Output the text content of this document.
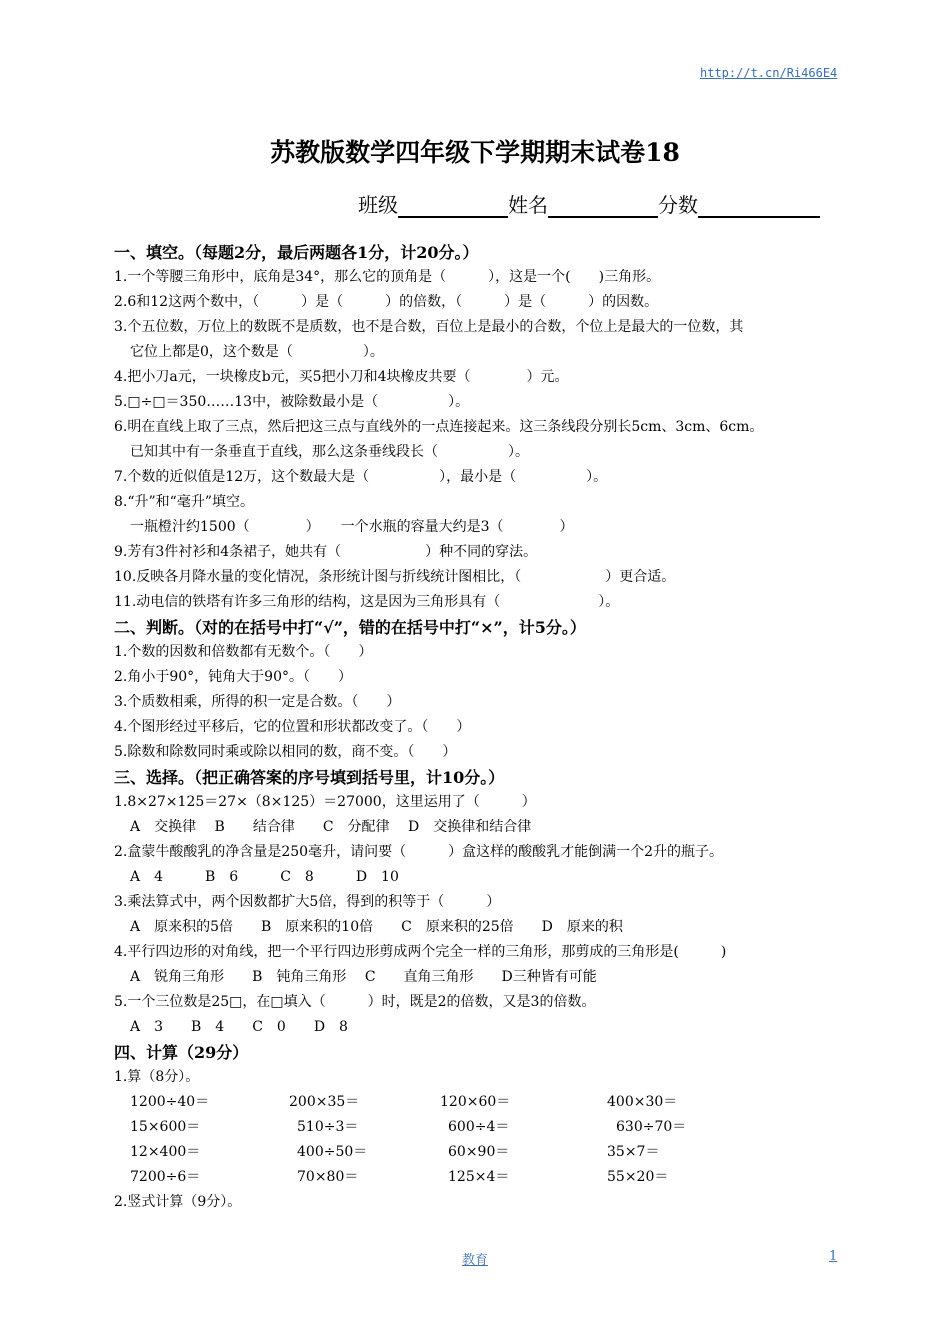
http://t.cn/Ri466E4
苏教版数学四年级下学期期末试卷18
班级	姓名	分数
一、填空。（每题2分，最后两题各1分，计20分。）
1.一个等腰三角形中，底角是34°，那么它的顶角是（　　　），这是一个(　　)三角形。
2.6和12这两个数中，（　　　）是（　　　）的倍数，（　　　）是（　　　）的因数。
3.个五位数，万位上的数既不是质数，也不是合数，百位上是最小的合数，个位上是最大的一位数，其
它位上都是0，这个数是（　　　　　）。
4.把小刀a元，一块橡皮b元，买5把小刀和4块橡皮共要（　　　　）元。
5.□÷□＝350……13中，被除数最小是（　　　　　）。
6.明在直线上取了三点，然后把这三点与直线外的一点连接起来。这三条线段分别长5cm、3cm、6cm。
已知其中有一条垂直于直线，那么这条垂线段长（　　　　　）。
7.个数的近似值是12万，这个数最大是（　　　　　），最小是（　　　　　）。
8.“升”和“毫升”填空。
一瓶橙汁约1500（　　　　）　　一个水瓶的容量大约是3（　　　　）
9.芳有3件衬衫和4条裙子，她共有（　　　　　　）种不同的穿法。
10.反映各月降水量的变化情况，条形统计图与折线统计图相比，（　　　　　　）更合适。
11.动电信的铁塔有许多三角形的结构，这是因为三角形具有（　　　　　　　）。
二、判断。（对的在括号中打“√”，错的在括号中打“×”，计5分。）
1.个数的因数和倍数都有无数个。（　　）
2.角小于90°，钝角大于90°。（　　）
3.个质数相乘，所得的积一定是合数。（　　）
4.个图形经过平移后，它的位置和形状都改变了。（　　）
5.除数和除数同时乘或除以相同的数，商不变。（　　）
三、选择。（把正确答案的序号填到括号里，计10分。）
1.8×27×125＝27×（8×125）＝27000，这里运用了（　　　）
A　交换律　 B　　结合律　　C　分配律　 D　交换律和结合律
2.盒蒙牛酸酸乳的净含量是250毫升，请问要（　　　）盒这样的酸酸乳才能倒满一个2升的瓶子。
A　4　　　B　6　　　C　8　　　D　10
3.乘法算式中，两个因数都扩大5倍，得到的积等于（　　　）
A　原来积的5倍　　B　原来积的10倍　　C　原来积的25倍　　D　原来的积
4.平行四边形的对角线，把一个平行四边形剪成两个完全一样的三角形，那剪成的三角形是(　　　)
A　锐角三角形　　B　钝角三角形　 C　　直角三角形　　D三种皆有可能
5.一个三位数是25□，在□填入（　　　）时，既是2的倍数，又是3的倍数。
A　3　　B　4　　C　0　　D　8
四、计算（29分）
1.算（8分）。
1200÷40＝	200×35＝	120×60＝	400×30＝
15×600＝	510÷3＝	600÷4＝	630÷70＝
12×400＝	400÷50＝	60×90＝	35×7＝
7200÷6＝	70×80＝	125×4＝	55×20＝
2.竖式计算（9分）。
教育	1
